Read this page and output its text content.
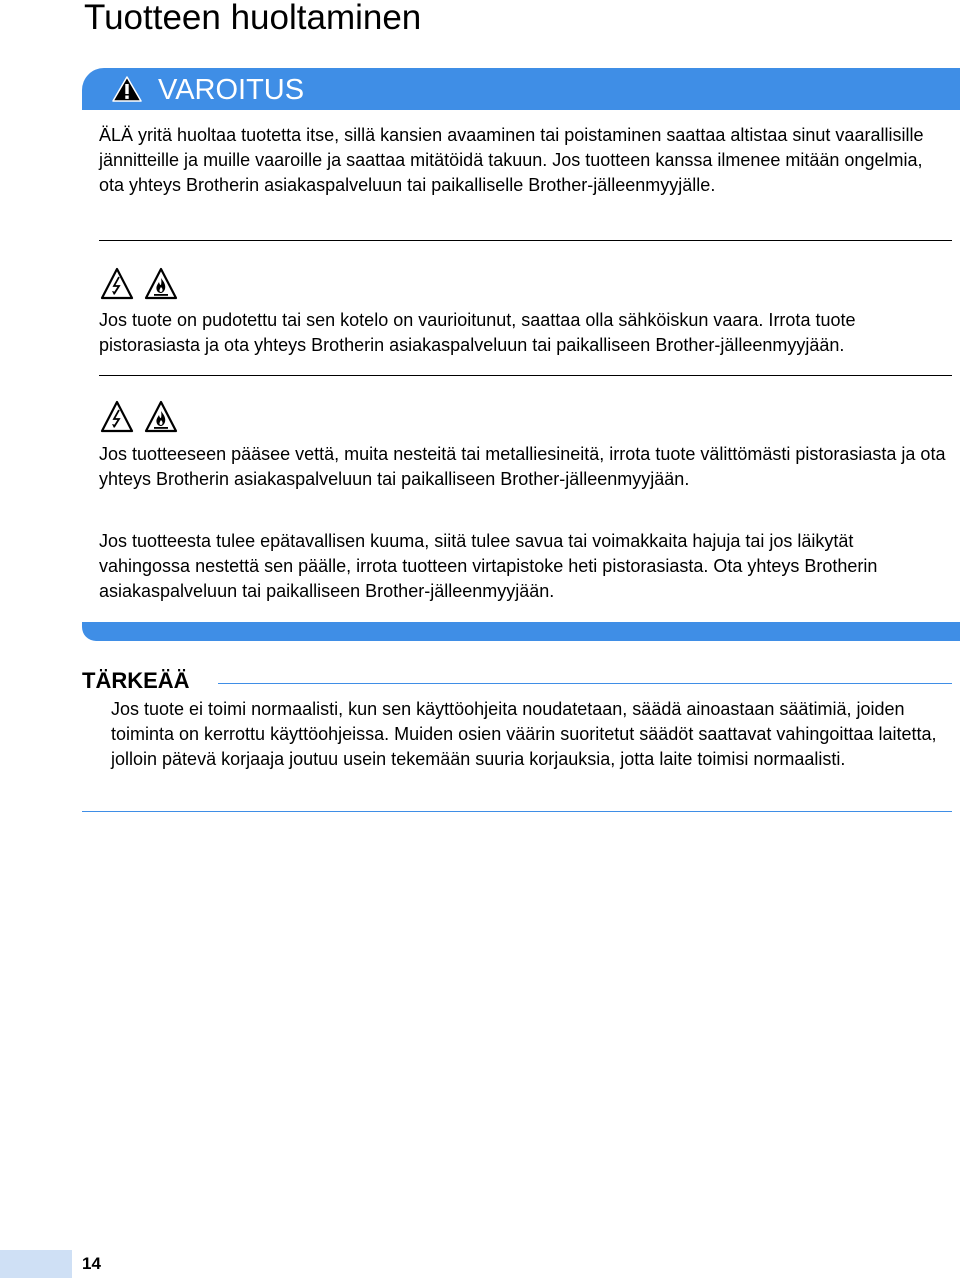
Tuotteen huoltaminen
VAROITUS

ÄLÄ yritä huoltaa tuotetta itse, sillä kansien avaaminen tai poistaminen saattaa altistaa sinut vaarallisille jännitteille ja muille vaaroille ja saattaa mitätöidä takuun. Jos tuotteen kanssa ilmenee mitään ongelmia, ota yhteys Brotherin asiakaspalveluun tai paikalliselle Brother-jälleenmyyjälle.

Jos tuote on pudotettu tai sen kotelo on vaurioitunut, saattaa olla sähköiskun vaara. Irrota tuote pistorasiasta ja ota yhteys Brotherin asiakaspalveluun tai paikalliseen Brother-jälleenmyyjään.

Jos tuotteeseen pääsee vettä, muita nesteitä tai metalliesineitä, irrota tuote välittömästi pistorasiasta ja ota yhteys Brotherin asiakaspalveluun tai paikalliseen Brother-jälleenmyyjään.

Jos tuotteesta tulee epätavallisen kuuma, siitä tulee savua tai voimakkaita hajuja tai jos läikytät vahingossa nestettä sen päälle, irrota tuotteen virtapistoke heti pistorasiasta. Ota yhteys Brotherin asiakaspalveluun tai paikalliseen Brother-jälleenmyyjään.

TÄRKEÄÄ

Jos tuote ei toimi normaalisti, kun sen käyttöohjeita noudatetaan, säädä ainoastaan säätimiä, joiden toiminta on kerrottu käyttöohjeissa. Muiden osien väärin suoritetut säädöt saattavat vahingoittaa laitetta, jolloin pätevä korjaaja joutuu usein tekemään suuria korjauksia, jotta laite toimisi normaalisti.

14
